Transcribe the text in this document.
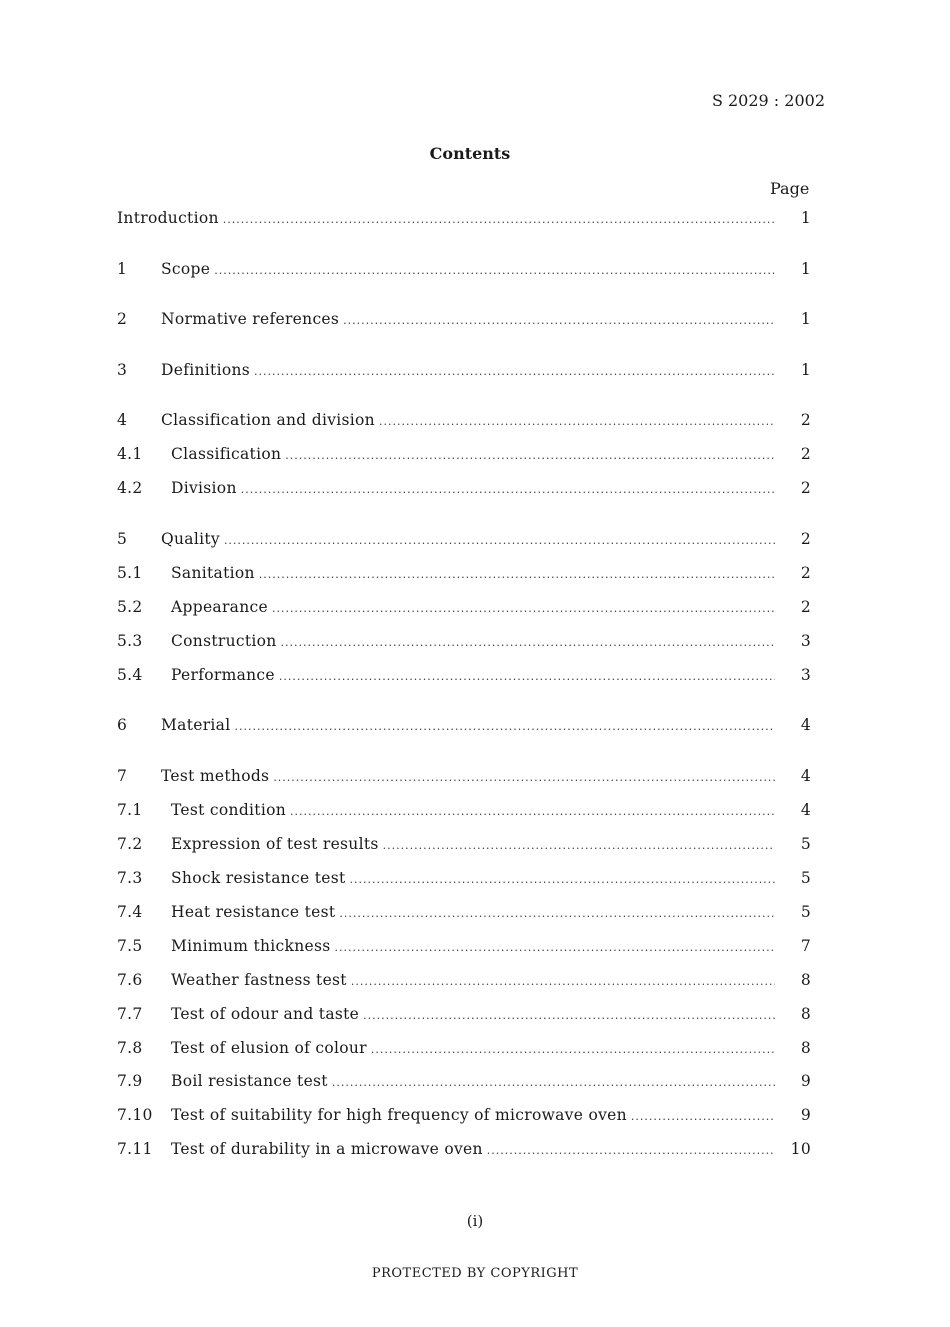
S 2029 : 2002
Contents
Page
Introduction .....	1
1	Scope .....	1
2	Normative references .....	1
3	Definitions .....	1
4	Classification and division .....	2
4.1	Classification .....	2
4.2	Division .....	2
5	Quality .....	2
5.1	Sanitation .....	2
5.2	Appearance .....	2
5.3	Construction .....	3
5.4	Performance .....	3
6	Material .....	4
7	Test methods .....	4
7.1	Test condition .....	4
7.2	Expression of test results .....	5
7.3	Shock resistance test .....	5
7.4	Heat resistance test .....	5
7.5	Minimum thickness .....	7
7.6	Weather fastness test .....	8
7.7	Test of odour and taste .....	8
7.8	Test of elusion of colour .....	8
7.9	Boil resistance test .....	9
7.10	Test of suitability for high frequency of microwave oven .....	9
7.11	Test of durability in a microwave oven .....	10
(i)
PROTECTED BY COPYRIGHT
